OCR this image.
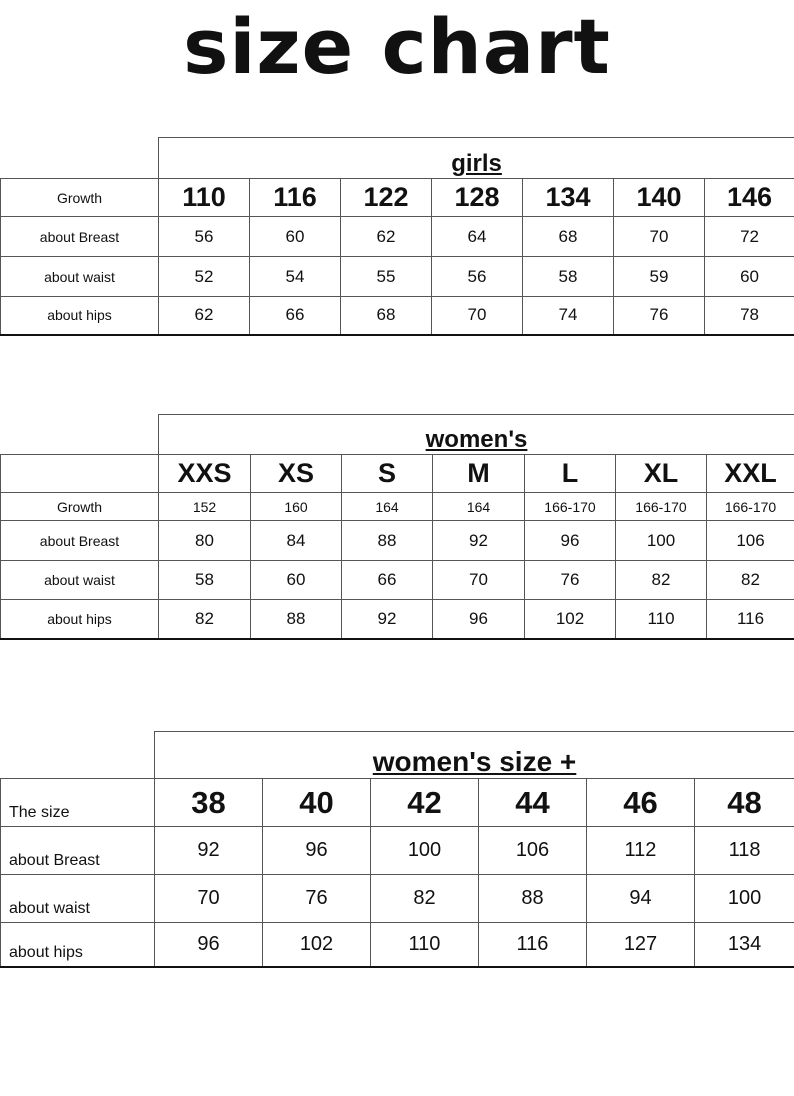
size chart
	girls						
Growth	110	116	122	128	134	140	146
about Breast	56	60	62	64	68	70	72
about waist	52	54	55	56	58	59	60
about hips	62	66	68	70	74	76	78
	women's						
	XXS	XS	S	M	L	XL	XXL
Growth	152	160	164	164	166-170	166-170	166-170
about Breast	80	84	88	92	96	100	106
about waist	58	60	66	70	76	82	82
about hips	82	88	92	96	102	110	116
	women's size +					
The size	38	40	42	44	46	48
about Breast	92	96	100	106	112	118
about waist	70	76	82	88	94	100
about hips	96	102	110	116	127	134
